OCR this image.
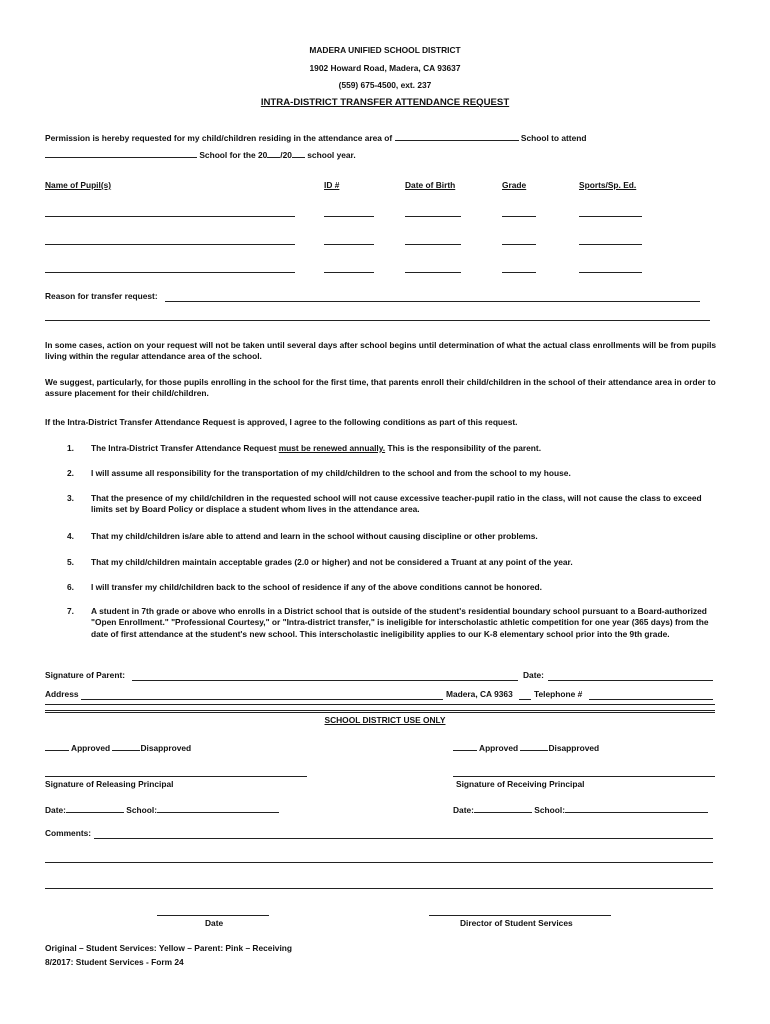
MADERA UNIFIED SCHOOL DISTRICT
1902 Howard Road, Madera, CA 93637
(559) 675-4500, ext. 237
INTRA-DISTRICT TRANSFER ATTENDANCE REQUEST
Permission is hereby requested for my child/children residing in the attendance area of	School to attend
School for the 20 /20 school year.
Name of Pupil(s)	ID #	Date of Birth	Grade	Sports/Sp. Ed.
Reason for transfer request:
In some cases, action on your request will not be taken until several days after school begins until determination of what the actual class enrollments will be from pupils living within the regular attendance area of the school.
We suggest, particularly, for those pupils enrolling in the school for the first time, that parents enroll their child/children in the school of their attendance area in order to assure placement for their child/children.
If the Intra-District Transfer Attendance Request is approved, I agree to the following conditions as part of this request.
1. The Intra-District Transfer Attendance Request must be renewed annually. This is the responsibility of the parent.
2. I will assume all responsibility for the transportation of my child/children to the school and from the school to my house.
3. That the presence of my child/children in the requested school will not cause excessive teacher-pupil ratio in the class, will not cause the class to exceed limits set by Board Policy or displace a student whom lives in the attendance area.
4. That my child/children is/are able to attend and learn in the school without causing discipline or other problems.
5. That my child/children maintain acceptable grades (2.0 or higher) and not be considered a Truant at any point of the year.
6. I will transfer my child/children back to the school of residence if any of the above conditions cannot be honored.
7. A student in 7th grade or above who enrolls in a District school that is outside of the student's residential boundary school pursuant to a Board-authorized "Open Enrollment." "Professional Courtesy," or "Intra-district transfer," is ineligible for interscholastic athletic competition for one year (365 days) from the date of first attendance at the student's new school. This interscholastic ineligibility applies to our K-8 elementary school prior into the 9th grade.
Signature of Parent:	Date:
Address	Madera, CA 9363	Telephone #
SCHOOL DISTRICT USE ONLY
Approved	Disapproved	Approved	Disapproved
Signature of Releasing Principal	Signature of Receiving Principal
Date:	School:	Date:	School:
Comments:
Date	Director of Student Services
Original – Student Services: Yellow – Parent: Pink – Receiving
8/2017: Student Services - Form 24
